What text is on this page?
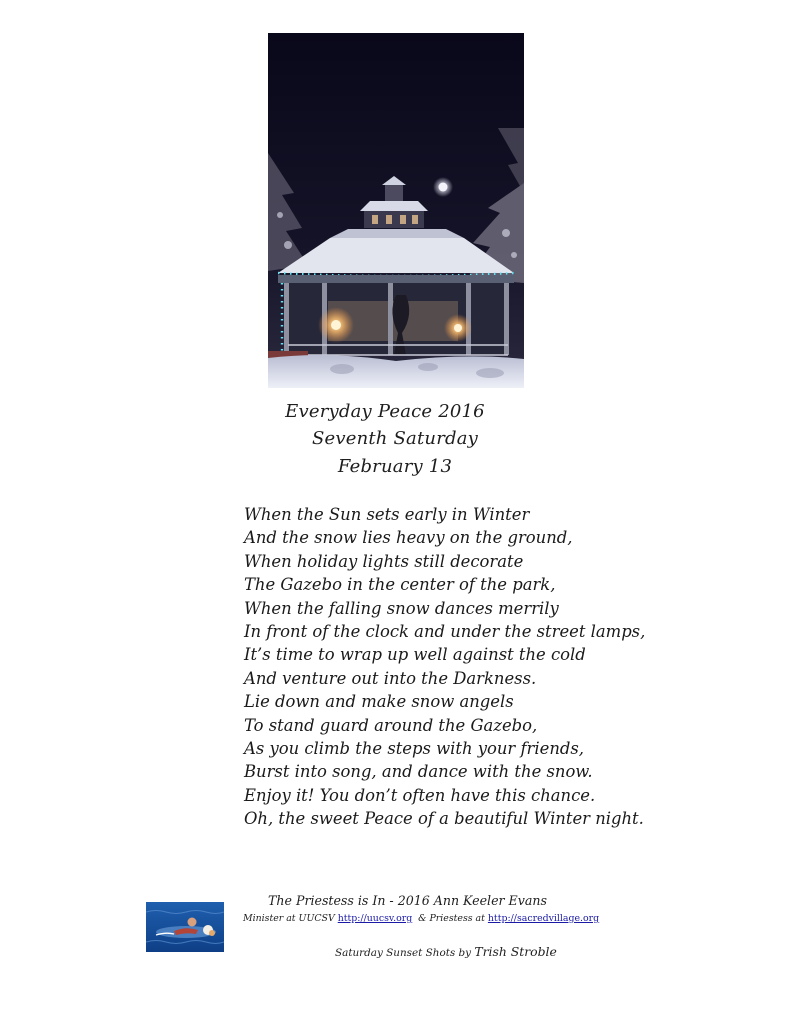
Everyday Peace 2016
Seventh Saturday
February 13
When the Sun sets early in Winter
And the snow lies heavy on the ground,
When holiday lights still decorate
The Gazebo in the center of the park,
When the falling snow dances merrily
In front of the clock and under the street lamps,
It’s time to wrap up well against the cold
And venture out into the Darkness.
Lie down and make snow angels
To stand guard around the Gazebo,
As you climb the steps with your friends,
Burst into song, and dance with the snow.
Enjoy it! You don’t often have this chance.
Oh, the sweet Peace of a beautiful Winter night.
The Priestess is In - 2016 Ann Keeler Evans
Minister at UUCSV http://uucsv.org  & Priestess at http://sacredvillage.org
Saturday Sunset Shots by Trish Stroble
